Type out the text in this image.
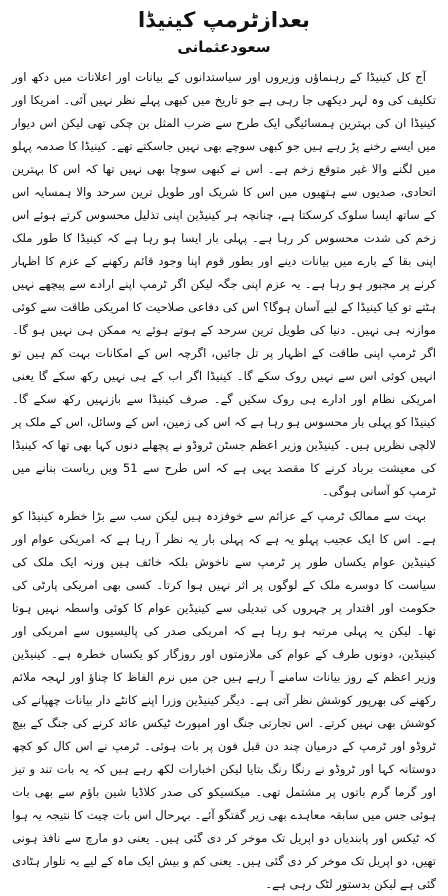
بعدازٹرمپ کینیڈا
سعودعثمانی

آج کل کینیڈا کے رہنماؤں وزیروں اور سیاستدانوں کے بیانات اور اعلانات میں دکھ اور تکلیف کی وہ لہر دیکھی جا رہی ہے جو تاریخ میں کبھی پہلے نظر نہیں آئی۔ امریکا اور کینیڈا ان کی بہترین ہمسائیگی ایک طرح سے ضرب المثل بن چکی تھی لیکن اس دیوار میں ایسے رخنے پڑ رہے ہیں جو کبھی سوچے بھی نہیں جاسکتے تھے۔ کینیڈا کا صدمہ پہلو میں لگنے والا غیر متوقع زخم ہے۔ اس نے کبھی سوچا بھی نہیں تھا کہ اس کا بہترین اتحادی، صدیوں سے ہتھیوں میں اس کا شریک اور طویل ترین سرحد والا ہمسایہ اس کے ساتھ ایسا سلوک کرسکتا ہے، چنانچہ ہر کینیڈین اپنی تذلیل محسوس کرتے ہوئے اس زخم کی شدت محسوس کر رہا ہے۔ پہلی بار ایسا ہو رہا ہے کہ کینیڈا کا طور ملک اپنی بقا کے بارے میں بیانات دینے اور بطور قوم اپنا وجود قائم رکھنے کے عزم کا اظہار کرنے پر مجبور ہو رہا ہے۔ یہ عزم اپنی جگہ لیکن اگر ٹرمپ اپنے ارادے سے پیچھے نہیں ہٹتے تو کیا کینیڈا کے لیے آسان ہوگا؟ اس کی دفاعی صلاحیت کا امریکی طاقت سے کوئی موازنہ ہی نہیں۔ دنیا کی طویل ترین سرحد کے ہوتے ہوئے یہ ممکن ہی نہیں ہو گا۔ اگر ٹرمپ اپنی طاقت کے اظہار پر تل جائیں، اگرچہ اس کے امکانات بہت کم ہیں تو انہیں کوئی اس سے نہیں روک سکے گا۔ کینیڈا اگر اب کے ہی نہیں رکھ سکے گا یعنی امریکی نظام اور ادارے ہی روک سکیں گے۔ صرف کینیڈا سے بازنہیں رکھ سکے گا۔ کینیڈا کو پہلی بار محسوس ہو رہا ہے کہ اس کی زمین، اس کے وسائل، اس کے ملک پر لالچی نظریں ہیں۔ کینیڈین وزیر اعظم جسٹن ٹروڈو نے پچھلے دنوں کہا بھی تھا کہ کینیڈا کی معیشت برباد کرنے کا مقصد یہی ہے کہ اس طرح سے 51 ویں ریاست بنانے میں ٹرمپ کو آسانی ہوگی۔

بہت سے ممالک ٹرمپ کے عزائم سے خوفزدہ ہیں لیکن سب سے بڑا خطرہ کینیڈا کو ہے۔ اس کا ایک عجیب پہلو یہ ہے کہ پہلی بار یہ نظر آ رہا ہے کہ امریکی عوام اور کینیڈین عوام یکساں طور پر ٹرمپ سے ناخوش بلکہ خائف ہیں ورنہ ایک ملک کی سیاست کا دوسرے ملک کے لوگوں پر اثر نہیں ہوا کرتا۔ کسی بھی امریکی پارٹی کی حکومت اور اقتدار پر چہروں کی تبدیلی سے کینیڈین عوام کا کوئی واسطہ نہیں ہوتا تھا۔ لیکن یہ پہلی مرتبہ ہو رہا ہے کہ امریکی صدر کی پالیسیوں سے امریکی اور کینیڈین، دونوں طرف کے عوام کی ملازمتوں اور روزگار کو یکساں خطرہ ہے۔ کینیڈین وزیر اعظم کے روز بیانات سامنے آ رہے ہیں جن میں نرم الفاظ کا چناؤ اور لہجہ ملائم رکھنے کی بھرپور کوشش نظر آتی ہے۔ دیگر کینیڈین وزرا اپنے کانٹے دار بیانات چھپانے کی کوشش بھی نہیں کرتے۔ اس تجارتی جنگ اور امپورٹ ٹیکس عائد کرنے کی جنگ کے بیچ ٹروڈو اور ٹرمپ کے درمیان چند دن قبل فون پر بات ہوئی۔ ٹرمپ نے اس کال کو کچھ دوستانہ کہا اور ٹروڈو نے رنگا رنگ بتایا لیکن اخبارات لکھ رہے ہیں کہ یہ بات تند و تیز اور گرما گرم باتوں پر مشتمل تھی۔ میکسیکو کی صدر کلاڈیا شین باؤم سے بھی بات ہوئی جس میں سابقہ معاہدے بھی زیر گفتگو آئے۔ بہرحال اس بات چیت کا نتیجہ یہ ہوا کہ ٹیکس اور پابندیاں دو اپریل تک موخر کر دی گئی ہیں۔ یعنی دو مارچ سے نافذ ہونی تھیں، دو اپریل تک موخر کر دی گئی ہیں۔ یعنی کم و بیش ایک ماہ کے لیے یہ تلوار ہٹادی گئی ہے لیکن بدستور لٹک رہی ہے۔
